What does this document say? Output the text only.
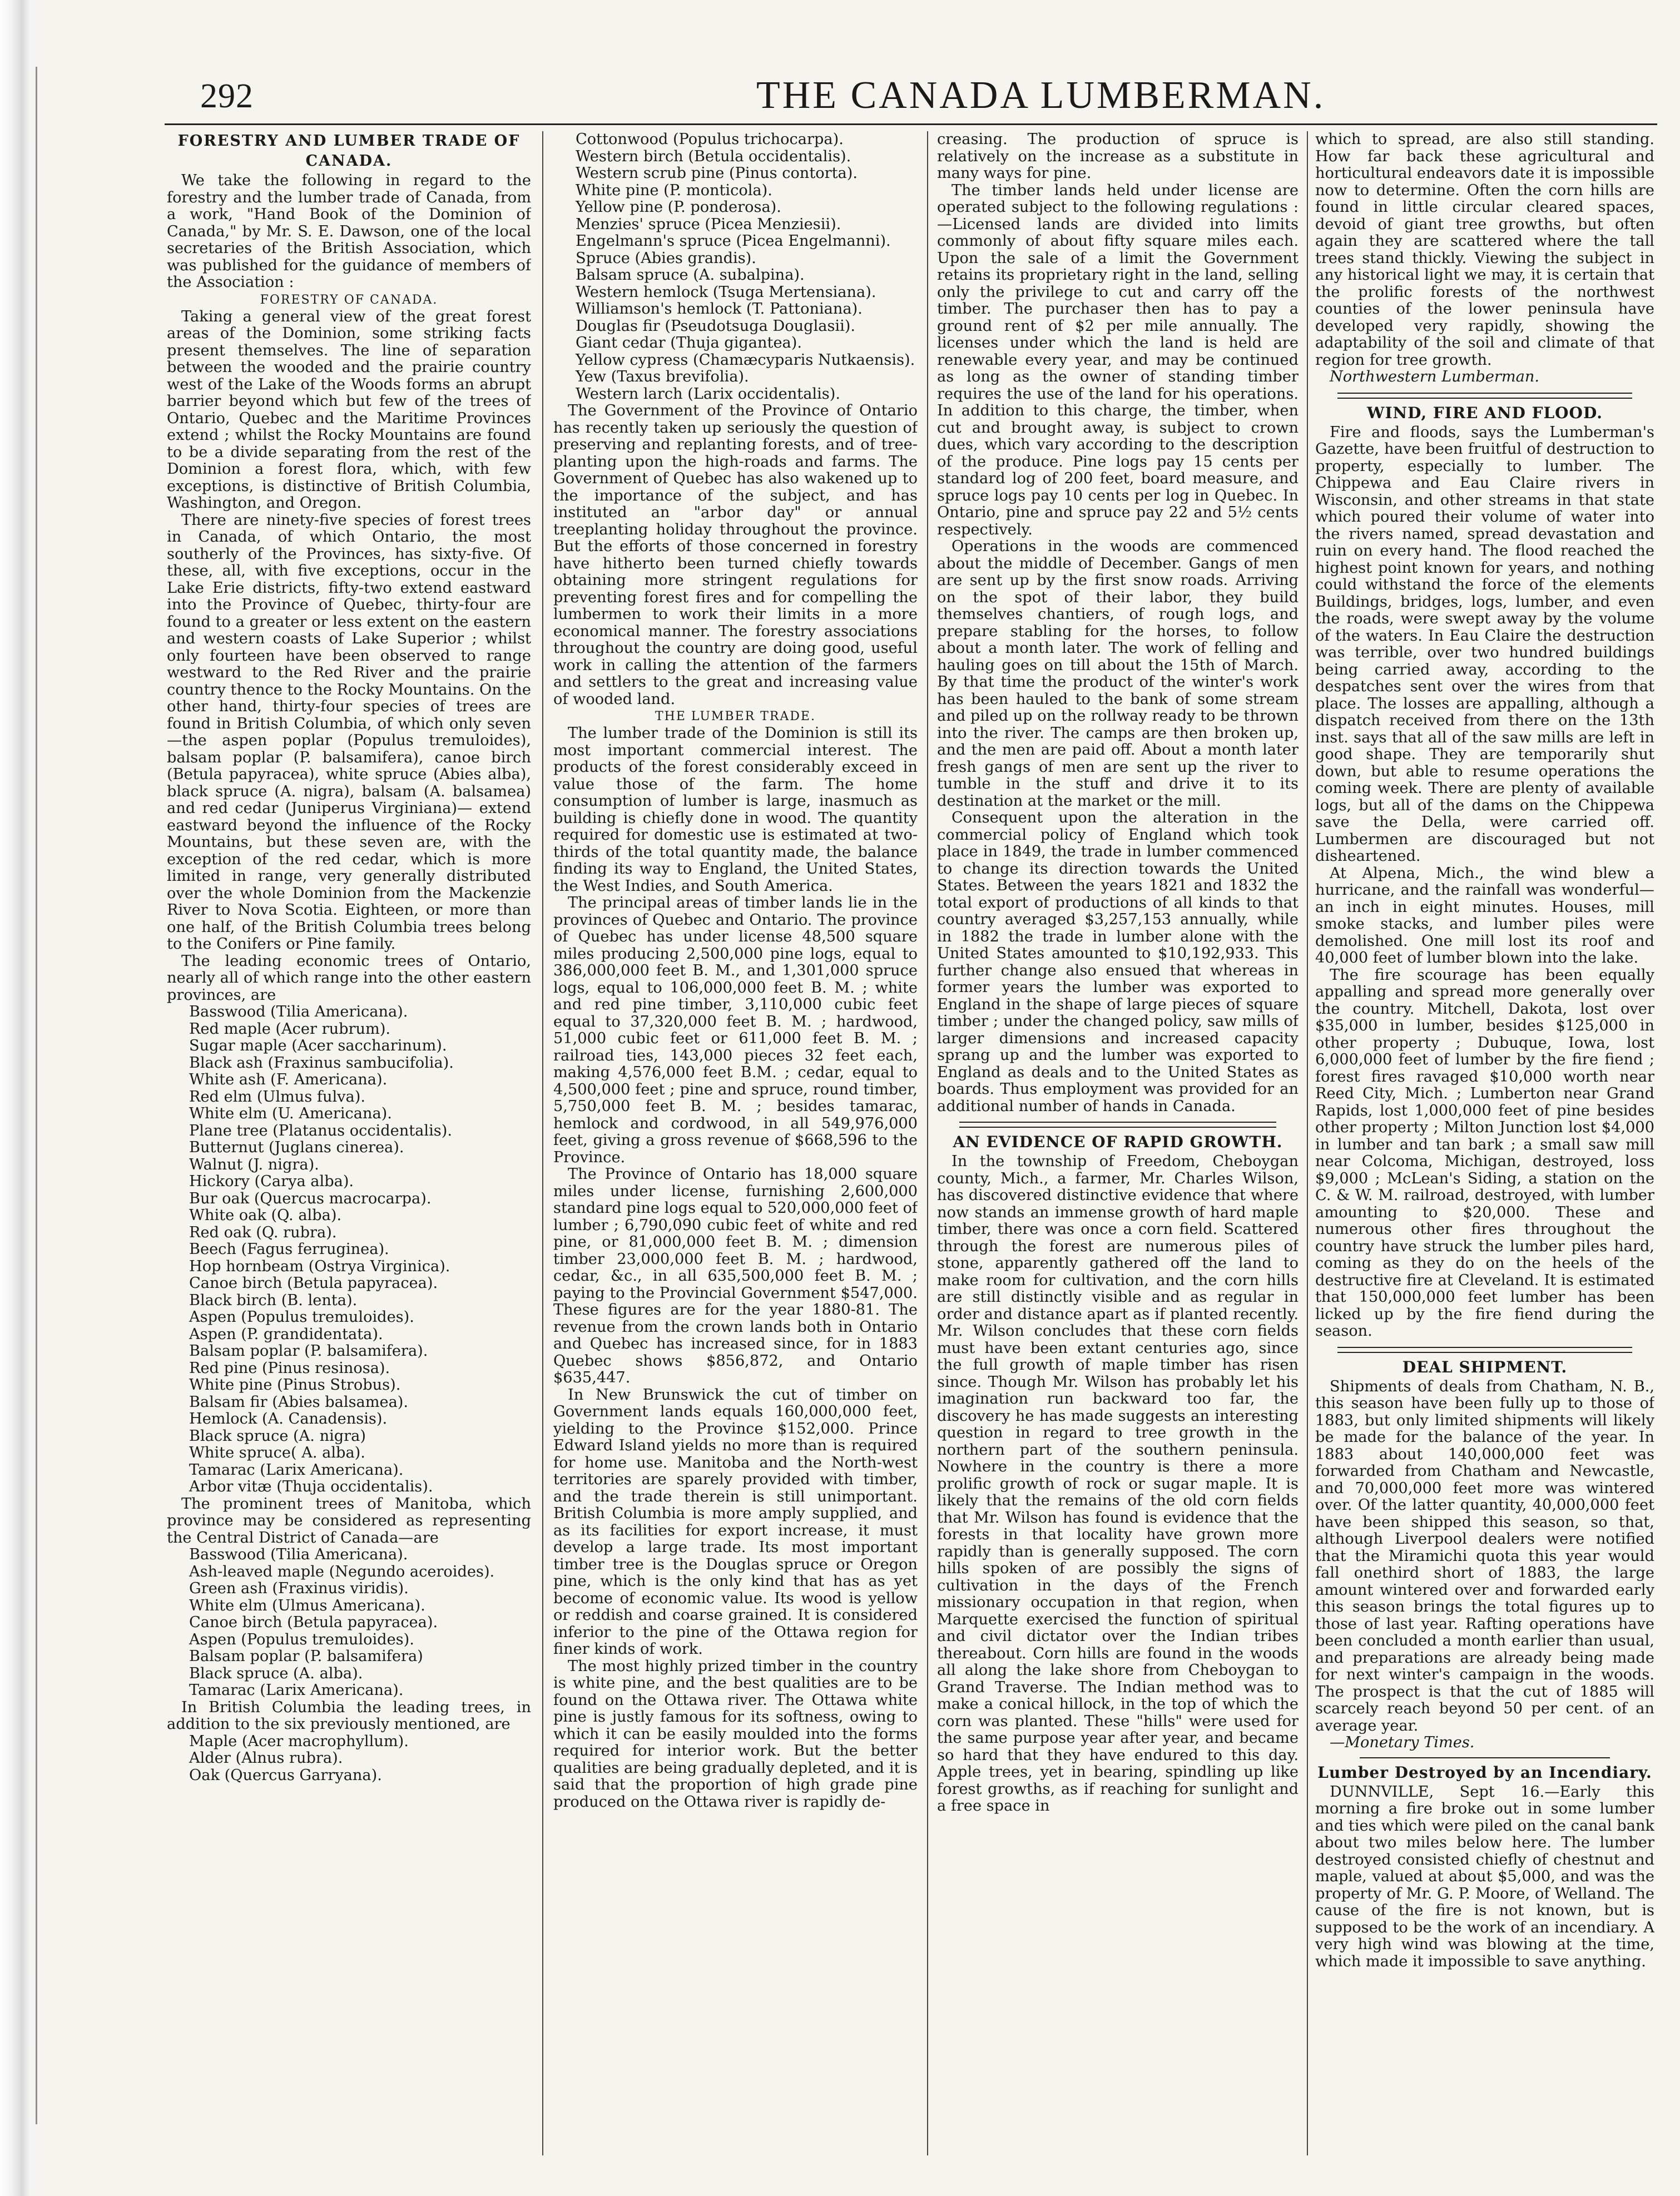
292	THE CANADA LUMBERMAN.
FORESTRY AND LUMBER TRADE OF
CANADA.

We take the following in regard to the forestry and the lumber trade of Canada, from a work, "Hand Book of the Dominion of Canada," by Mr. S. E. Dawson, one of the local secretaries of the British Association, which was published for the guidance of members of the Association :

FORESTRY OF CANADA.

Taking a general view of the great forest areas of the Dominion, some striking facts present themselves. The line of separation between the wooded and the prairie country west of the Lake of the Woods forms an abrupt barrier beyond which but few of the trees of Ontario, Quebec and the Maritime Provinces extend ; whilst the Rocky Mountains are found to be a divide separating from the rest of the Dominion a forest flora, which, with few exceptions, is distinctive of British Columbia, Washington, and Oregon.

There are ninety-five species of forest trees in Canada, of which Ontario, the most southerly of the Provinces, has sixty-five. Of these, all, with five exceptions, occur in the Lake Erie districts, fifty-two extend eastward into the Province of Quebec, thirty-four are found to a greater or less extent on the eastern and western coasts of Lake Superior ; whilst only fourteen have been observed to range westward to the Red River and the prairie country thence to the Rocky Mountains. On the other hand, thirty-four species of trees are found in British Columbia, of which only seven—the aspen poplar (Populus tremuloides), balsam poplar (P. balsamifera), canoe birch (Betula papyracea), white spruce (Abies alba), black spruce (A. nigra), balsam (A. balsamea) and red cedar (Juniperus Virginiana)— extend eastward beyond the influence of the Rocky Mountains, but these seven are, with the exception of the red cedar, which is more limited in range, very generally distributed over the whole Dominion from the Mackenzie River to Nova Scotia. Eighteen, or more than one half, of the British Columbia trees belong to the Conifers or Pine family.

The leading economic trees of Ontario, nearly all of which range into the other eastern provinces, are

Basswood (Tilia Americana).
Red maple (Acer rubrum).
Sugar maple (Acer saccharinum).
Black ash (Fraxinus sambucifolia).
White ash (F. Americana).
Red elm (Ulmus fulva).
White elm (U. Americana).
Plane tree (Platanus occidentalis).
Butternut (Juglans cinerea).
Walnut (J. nigra).
Hickory (Carya alba).
Bur oak (Quercus macrocarpa).
White oak (Q. alba).
Red oak (Q. rubra).
Beech (Fagus ferruginea).
Hop hornbeam (Ostrya Virginica).
Canoe birch (Betula papyracea).
Black birch (B. lenta).
Aspen (Populus tremuloides).
Aspen (P. grandidentata).
Balsam poplar (P. balsamifera).
Red pine (Pinus resinosa).
White pine (Pinus Strobus).
Balsam fir (Abies balsamea).
Hemlock (A. Canadensis).
Black spruce (A. nigra)
White spruce( A. alba).
Tamarac (Larix Americana).
Arbor vitæ (Thuja occidentalis).

The prominent trees of Manitoba, which province may be considered as representing the Central District of Canada—are

Basswood (Tilia Americana).
Ash-leaved maple (Negundo aceroides).
Green ash (Fraxinus viridis).
White elm (Ulmus Americana).
Canoe birch (Betula papyracea).
Aspen (Populus tremuloides).
Balsam poplar (P. balsamifera)
Black spruce (A. alba).
Tamarac (Larix Americana).

In British Columbia the leading trees, in addition to the six previously mentioned, are

Maple (Acer macrophyllum).
Alder (Alnus rubra).
Oak (Quercus Garryana).
Cottonwood (Populus trichocarpa).
Western birch (Betula occidentalis).
Western scrub pine (Pinus contorta).
White pine (P. monticola).
Yellow pine (P. ponderosa).
Menzies' spruce (Picea Menziesii).
Engelmann's spruce (Picea Engelmanni).
Spruce (Abies grandis).
Balsam spruce (A. subalpina).
Western hemlock (Tsuga Mertensiana).
Williamson's hemlock (T. Pattoniana).
Douglas fir (Pseudotsuga Douglasii).
Giant cedar (Thuja gigantea).
Yellow cypress (Chamæcyparis Nutkaensis).
Yew (Taxus brevifolia).
Western larch (Larix occidentalis).

The Government of the Province of Ontario has recently taken up seriously the question of preserving and replanting forests, and of tree-planting upon the high-roads and farms. The Government of Quebec has also wakened up to the importance of the subject, and has instituted an "arbor day" or annual treeplanting holiday throughout the province. But the efforts of those concerned in forestry have hitherto been turned chiefly towards obtaining more stringent regulations for preventing forest fires and for compelling the lumbermen to work their limits in a more economical manner. The forestry associations throughout the country are doing good, useful work in calling the attention of the farmers and settlers to the great and increasing value of wooded land.

THE LUMBER TRADE.

The lumber trade of the Dominion is still its most important commercial interest. The products of the forest considerably exceed in value those of the farm. The home consumption of lumber is large, inasmuch as building is chiefly done in wood. The quantity required for domestic use is estimated at two-thirds of the total quantity made, the balance finding its way to England, the United States, the West Indies, and South America.

The principal areas of timber lands lie in the provinces of Quebec and Ontario. The province of Quebec has under license 48,500 square miles producing 2,500,000 pine logs, equal to 386,000,000 feet B. M., and 1,301,000 spruce logs, equal to 106,000,000 feet B. M. ; white and red pine timber, 3,110,000 cubic feet equal to 37,320,000 feet B. M. ; hardwood, 51,000 cubic feet or 611,000 feet B. M. ; railroad ties, 143,000 pieces 32 feet each, making 4,576,000 feet B.M. ; cedar, equal to 4,500,000 feet ; pine and spruce, round timber, 5,750,000 feet B. M. ; besides tamarac, hemlock and cordwood, in all 549,976,000 feet, giving a gross revenue of $668,596 to the Province.

The Province of Ontario has 18,000 square miles under license, furnishing 2,600,000 standard pine logs equal to 520,000,000 feet of lumber ; 6,790,090 cubic feet of white and red pine, or 81,000,000 feet B. M. ; dimension timber 23,000,000 feet B. M. ; hardwood, cedar, &c., in all 635,500,000 feet B. M. ; paying to the Provincial Government $547,000. These figures are for the year 1880-81. The revenue from the crown lands both in Ontario and Quebec has increased since, for in 1883 Quebec shows $856,872, and Ontario $635,447.

In New Brunswick the cut of timber on Government lands equals 160,000,000 feet, yielding to the Province $152,000. Prince Edward Island yields no more than is required for home use. Manitoba and the North-west territories are sparely provided with timber, and the trade therein is still unimportant. British Columbia is more amply supplied, and as its facilities for export increase, it must develop a large trade. Its most important timber tree is the Douglas spruce or Oregon pine, which is the only kind that has as yet become of economic value. Its wood is yellow or reddish and coarse grained. It is considered inferior to the pine of the Ottawa region for finer kinds of work.

The most highly prized timber in the country is white pine, and the best qualities are to be found on the Ottawa river. The Ottawa white pine is justly famous for its softness, owing to which it can be easily moulded into the forms required for interior work. But the better qualities are being gradually depleted, and it is said that the proportion of high grade pine produced on the Ottawa river is rapidly de-

creasing. The production of spruce is relatively on the increase as a substitute in many ways for pine.

The timber lands held under license are operated subject to the following regulations :—Licensed lands are divided into limits commonly of about fifty square miles each. Upon the sale of a limit the Government retains its proprietary right in the land, selling only the privilege to cut and carry off the timber. The purchaser then has to pay a ground rent of $2 per mile annually. The licenses under which the land is held are renewable every year, and may be continued as long as the owner of standing timber requires the use of the land for his operations. In addition to this charge, the timber, when cut and brought away, is subject to crown dues, which vary according to the description of the produce. Pine logs pay 15 cents per standard log of 200 feet, board measure, and spruce logs pay 10 cents per log in Quebec. In Ontario, pine and spruce pay 22 and 5½ cents respectively.

Operations in the woods are commenced about the middle of December. Gangs of men are sent up by the first snow roads. Arriving on the spot of their labor, they build themselves chantiers, of rough logs, and prepare stabling for the horses, to follow about a month later. The work of felling and hauling goes on till about the 15th of March. By that time the product of the winter's work has been hauled to the bank of some stream and piled up on the rollway ready to be thrown into the river. The camps are then broken up, and the men are paid off. About a month later fresh gangs of men are sent up the river to tumble in the stuff and drive it to its destination at the market or the mill.

Consequent upon the alteration in the commercial policy of England which took place in 1849, the trade in lumber commenced to change its direction towards the United States. Between the years 1821 and 1832 the total export of productions of all kinds to that country averaged $3,257,153 annually, while in 1882 the trade in lumber alone with the United States amounted to $10,192,933. This further change also ensued that whereas in former years the lumber was exported to England in the shape of large pieces of square timber ; under the changed policy, saw mills of larger dimensions and increased capacity sprang up and the lumber was exported to England as deals and to the United States as boards. Thus employment was provided for an additional number of hands in Canada.

AN EVIDENCE OF RAPID GROWTH.

In the township of Freedom, Cheboygan county, Mich., a farmer, Mr. Charles Wilson, has discovered distinctive evidence that where now stands an immense growth of hard maple timber, there was once a corn field. Scattered through the forest are numerous piles of stone, apparently gathered off the land to make room for cultivation, and the corn hills are still distinctly visible and as regular in order and distance apart as if planted recently. Mr. Wilson concludes that these corn fields must have been extant centuries ago, since the full growth of maple timber has risen since. Though Mr. Wilson has probably let his imagination run backward too far, the discovery he has made suggests an interesting question in regard to tree growth in the northern part of the southern peninsula. Nowhere in the country is there a more prolific growth of rock or sugar maple. It is likely that the remains of the old corn fields that Mr. Wilson has found is evidence that the forests in that locality have grown more rapidly than is generally supposed. The corn hills spoken of are possibly the signs of cultivation in the days of the French missionary occupation in that region, when Marquette exercised the function of spiritual and civil dictator over the Indian tribes thereabout. Corn hills are found in the woods all along the lake shore from Cheboygan to Grand Traverse. The Indian method was to make a conical hillock, in the top of which the corn was planted. These "hills" were used for the same purpose year after year, and became so hard that they have endured to this day. Apple trees, yet in bearing, spindling up like forest growths, as if reaching for sunlight and a free space in

which to spread, are also still standing. How far back these agricultural and horticultural endeavors date it is impossible now to determine. Often the corn hills are found in little circular cleared spaces, devoid of giant tree growths, but often again they are scattered where the tall trees stand thickly. Viewing the subject in any historical light we may, it is certain that the prolific forests of the northwest counties of the lower peninsula have developed very rapidly, showing the adaptability of the soil and climate of that region for tree growth.

Northwestern Lumberman.

WIND, FIRE AND FLOOD.

Fire and floods, says the Lumberman's Gazette, have been fruitful of destruction to property, especially to lumber. The Chippewa and Eau Claire rivers in Wisconsin, and other streams in that state which poured their volume of water into the rivers named, spread devastation and ruin on every hand. The flood reached the highest point known for years, and nothing could withstand the force of the elements Buildings, bridges, logs, lumber, and even the roads, were swept away by the volume of the waters. In Eau Claire the destruction was terrible, over two hundred buildings being carried away, according to the despatches sent over the wires from that place. The losses are appalling, although a dispatch received from there on the 13th inst. says that all of the saw mills are left in good shape. They are temporarily shut down, but able to resume operations the coming week. There are plenty of available logs, but all of the dams on the Chippewa save the Della, were carried off. Lumbermen are discouraged but not disheartened.

At Alpena, Mich., the wind blew a hurricane, and the rainfall was wonderful—an inch in eight minutes. Houses, mill smoke stacks, and lumber piles were demolished. One mill lost its roof and 40,000 feet of lumber blown into the lake.

The fire scourage has been equally appalling and spread more generally over the country. Mitchell, Dakota, lost over $35,000 in lumber, besides $125,000 in other property ; Dubuque, Iowa, lost 6,000,000 feet of lumber by the fire fiend ; forest fires ravaged $10,000 worth near Reed City, Mich. ; Lumberton near Grand Rapids, lost 1,000,000 feet of pine besides other property ; Milton Junction lost $4,000 in lumber and tan bark ; a small saw mill near Colcoma, Michigan, destroyed, loss $9,000 ; McLean's Siding, a station on the C. & W. M. railroad, destroyed, with lumber amounting to $20,000. These and numerous other fires throughout the country have struck the lumber piles hard, coming as they do on the heels of the destructive fire at Cleveland. It is estimated that 150,000,000 feet lumber has been licked up by the fire fiend during the season.

DEAL SHIPMENT.

Shipments of deals from Chatham, N. B., this season have been fully up to those of 1883, but only limited shipments will likely be made for the balance of the year. In 1883 about 140,000,000 feet was forwarded from Chatham and Newcastle, and 70,000,000 feet more was wintered over. Of the latter quantity, 40,000,000 feet have been shipped this season, so that, although Liverpool dealers were notified that the Miramichi quota this year would fall onethird short of 1883, the large amount wintered over and forwarded early this season brings the total figures up to those of last year. Rafting operations have been concluded a month earlier than usual, and preparations are already being made for next winter's campaign in the woods. The prospect is that the cut of 1885 will scarcely reach beyond 50 per cent. of an average year.

—Monetary Times.

Lumber Destroyed by an Incendiary.

DUNNVILLE, Sept 16.—Early this morning a fire broke out in some lumber and ties which were piled on the canal bank about two miles below here. The lumber destroyed consisted chiefly of chestnut and maple, valued at about $5,000, and was the property of Mr. G. P. Moore, of Welland. The cause of the fire is not known, but is supposed to be the work of an incendiary. A very high wind was blowing at the time, which made it impossible to save anything.
